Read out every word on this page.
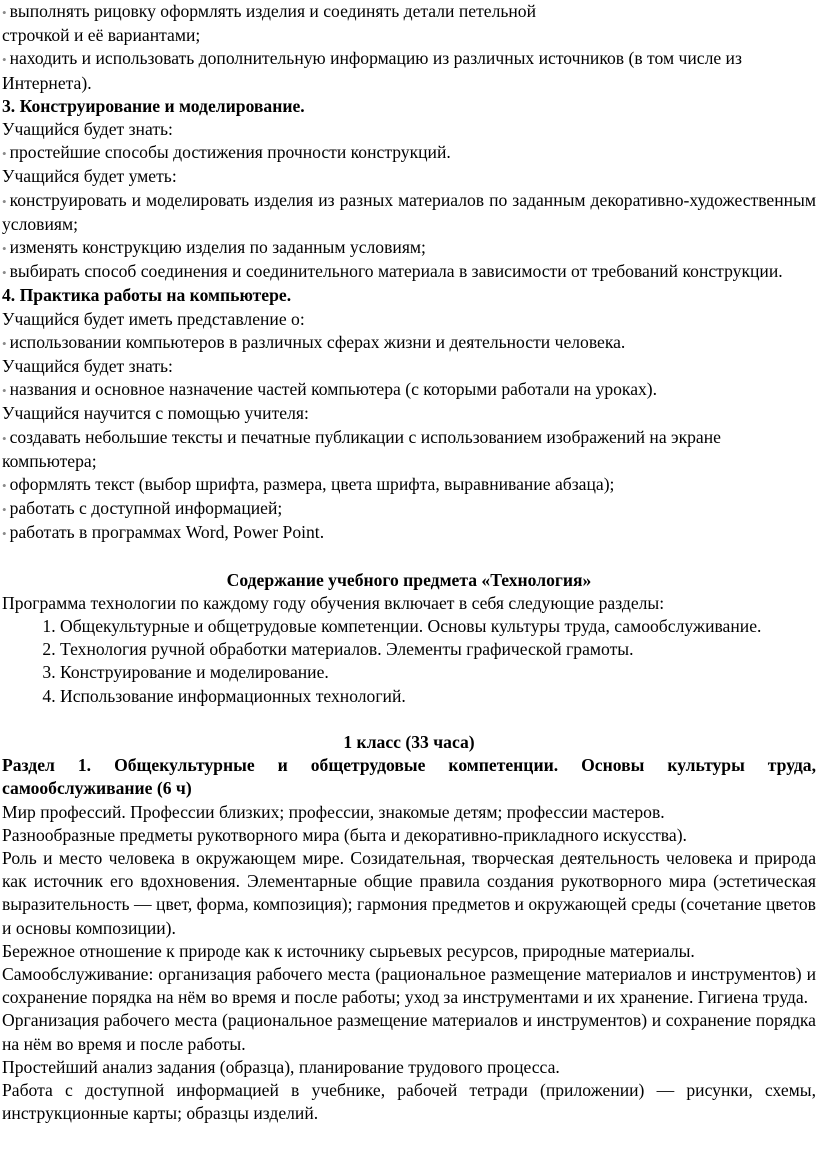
• выполнять рицовку оформлять изделия и соединять детали петельной

строчкой и её вариантами;

• находить и использовать дополнительную информацию из различных источников (в том числе из Интернета).

3. Конструирование и моделирование.

Учащийся будет знать:

• простейшие способы достижения прочности конструкций.

Учащийся будет уметь:

• конструировать и моделировать изделия из разных материалов по заданным декоративно-художественным условиям;

• изменять конструкцию изделия по заданным условиям;

• выбирать способ соединения и соединительного материала в зависимости от требований конструкции.

4. Практика работы на компьютере.

Учащийся будет иметь представление о:

• использовании компьютеров в различных сферах жизни и деятельности человека.

Учащийся будет знать:

• названия и основное назначение частей компьютера (с которыми работали на уроках).

Учащийся научится с помощью учителя:

• создавать небольшие тексты и печатные публикации с использованием изображений на экране компьютера;

• оформлять текст (выбор шрифта, размера, цвета шрифта, выравнивание абзаца);

• работать с доступной информацией;

• работать в программах Word, Power Point.

Содержание учебного предмета «Технология»

Программа технологии по каждому году обучения включает в себя следующие разделы:

1. Общекультурные и общетрудовые компетенции. Основы культуры труда, самообслуживание.
2. Технология ручной обработки материалов. Элементы графической грамоты.
3. Конструирование и моделирование.
4. Использование информационных технологий.

1 класс (33 часа)

Раздел 1. Общекультурные и общетрудовые компетенции. Основы культуры труда, самообслуживание (6 ч)

Мир профессий. Профессии близких; профессии, знакомые детям; профессии мастеров.

Разнообразные предметы рукотворного мира (быта и декоративно-прикладного искусства).

Роль и место человека в окружающем мире. Созидательная, творческая деятельность человека и природа как источник его вдохновения. Элементарные общие правила создания рукотворного мира (эстетическая выразительность — цвет, форма, композиция); гармония предметов и окружающей среды (сочетание цветов и основы композиции).

Бережное отношение к природе как к источнику сырьевых ресурсов, природные материалы.

Самообслуживание: организация рабочего места (рациональное размещение материалов и инструментов) и сохранение порядка на нём во время и после работы; уход за инструментами и их хранение. Гигиена труда.

Организация рабочего места (рациональное размещение материалов и инструментов) и сохранение порядка на нём во время и после работы.

Простейший анализ задания (образца), планирование трудового процесса.

Работа с доступной информацией в учебнике, рабочей тетради (приложении) — рисунки, схемы, инструкционные карты; образцы изделий.
